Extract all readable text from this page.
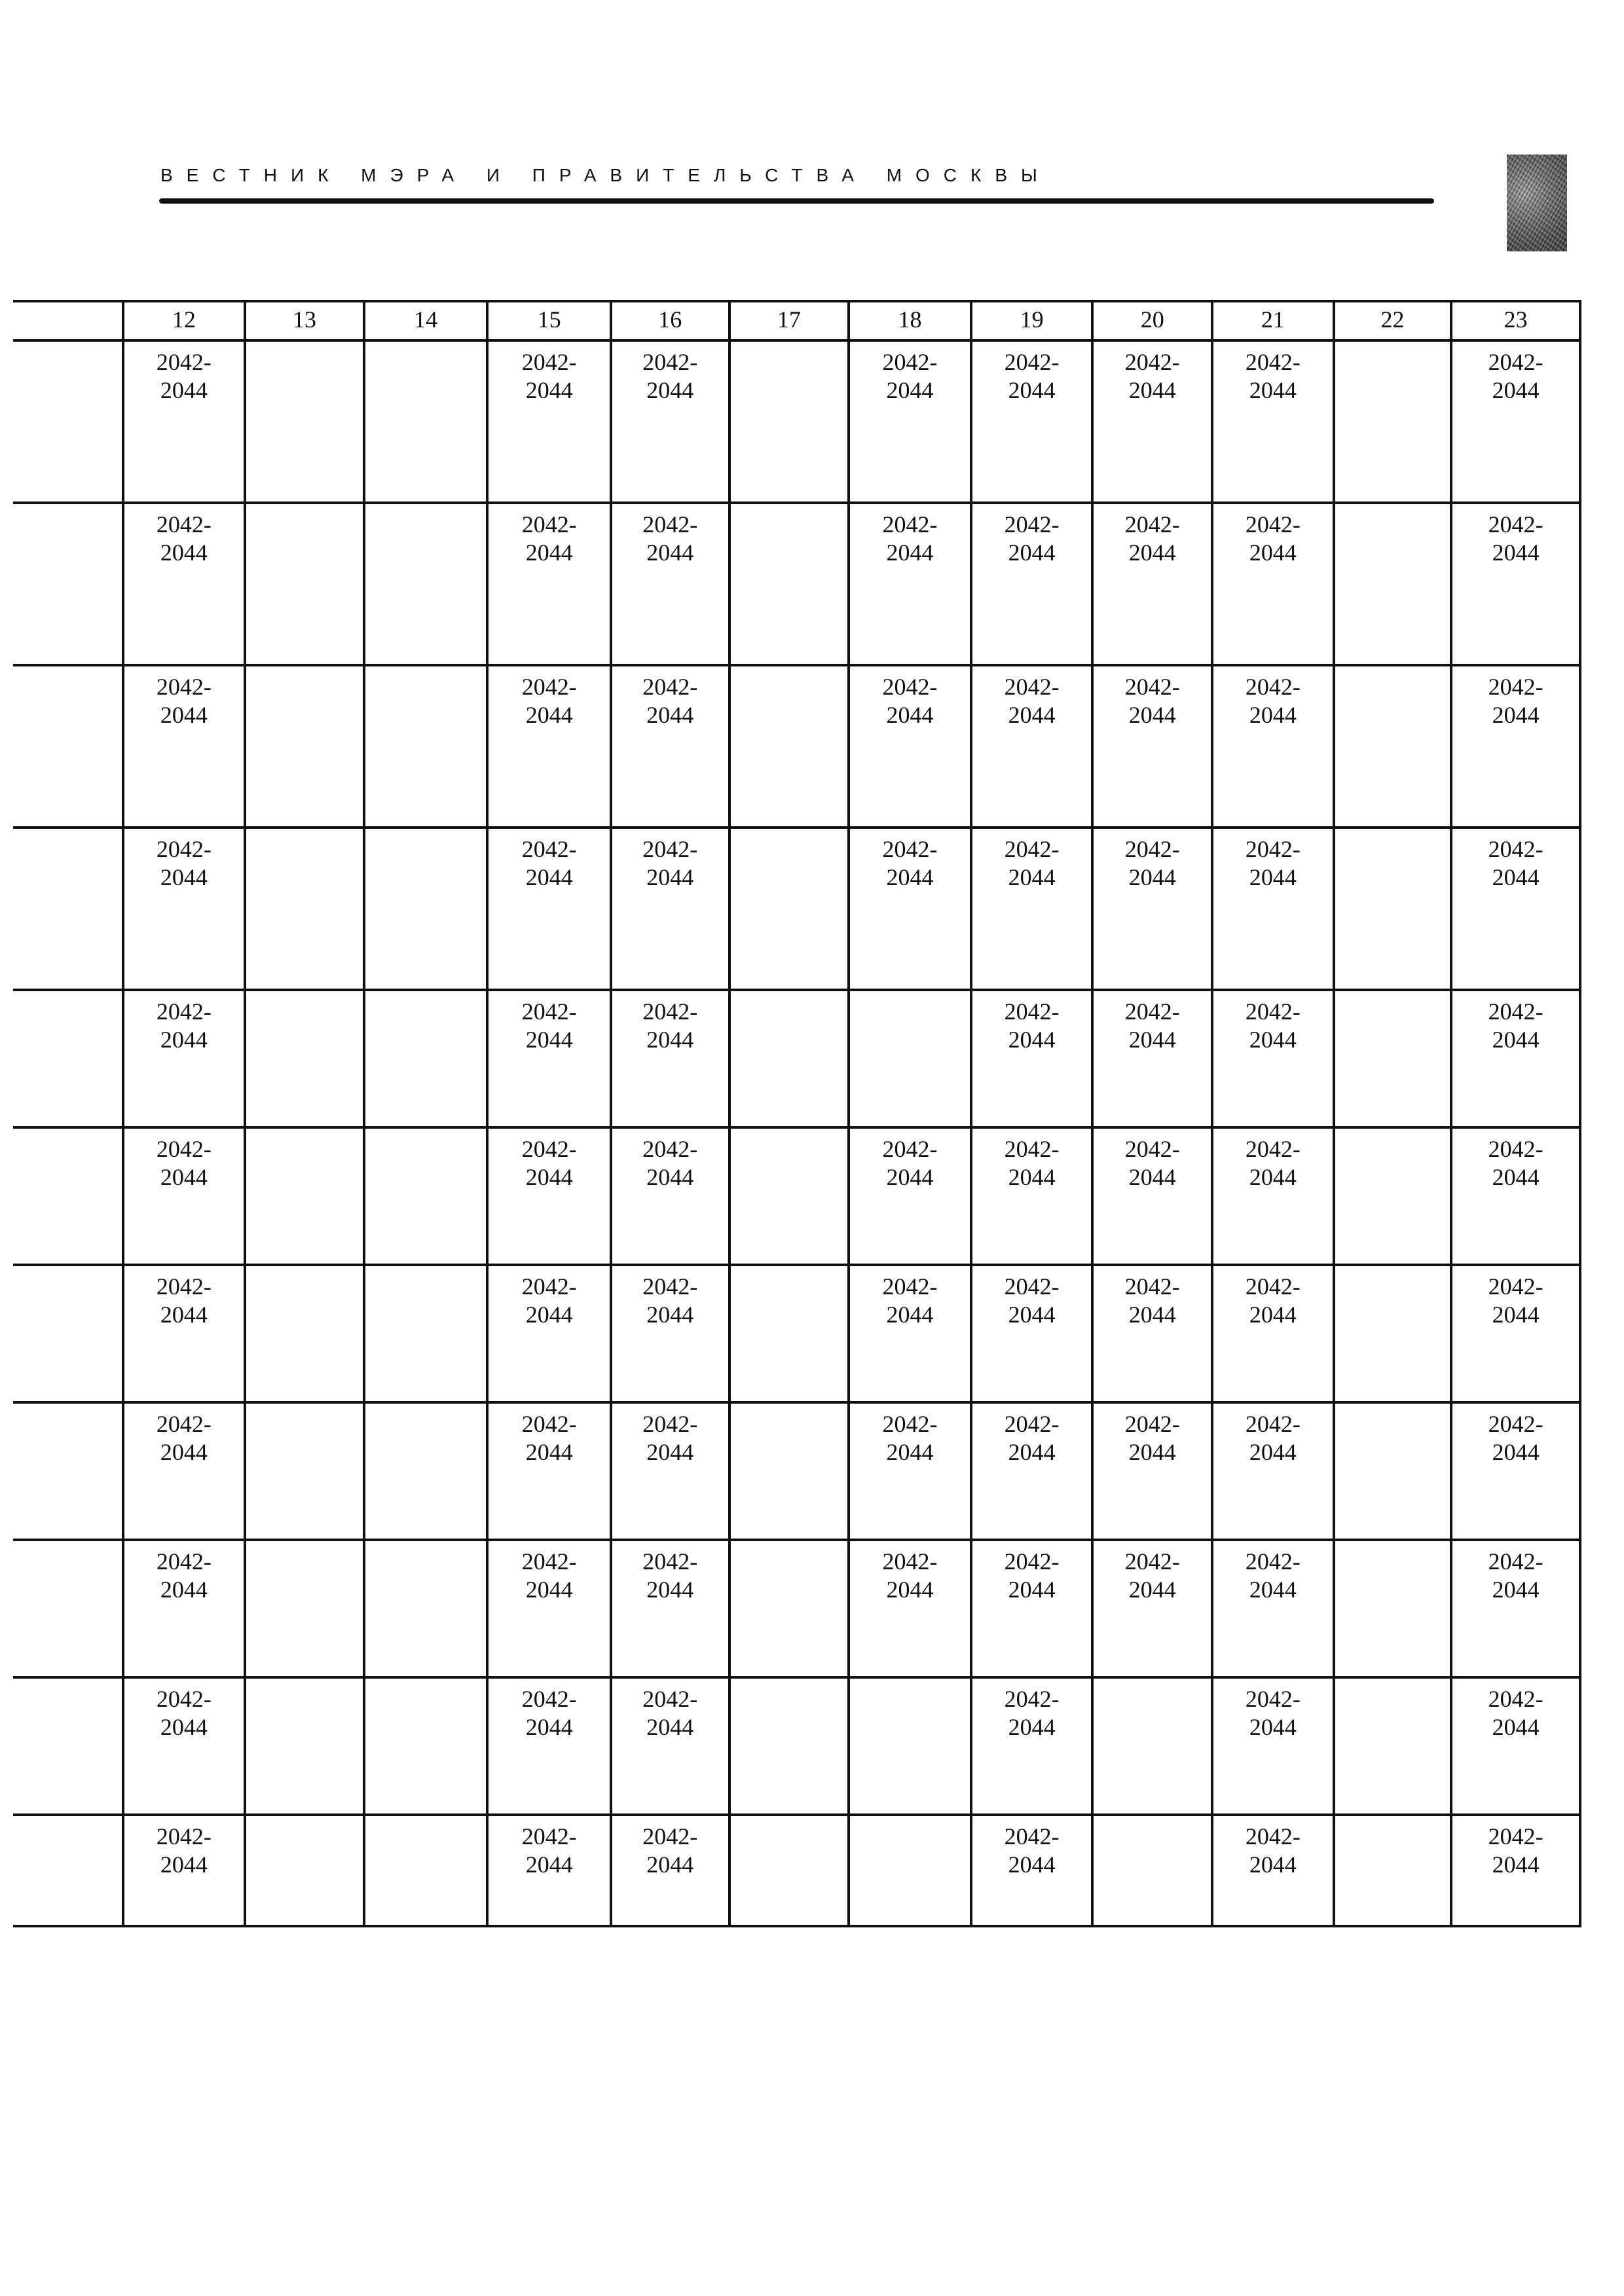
ВЕСТНИК МЭРА И ПРАВИТЕЛЬСТВА МОСКВЫ
	12	13	14	15	16	17	18	19	20	21	22	23

	2042-
2044			2042-
2044	2042-
2044		2042-
2044	2042-
2044	2042-
2044	2042-
2044		2042-
2044

	2042-
2044			2042-
2044	2042-
2044		2042-
2044	2042-
2044	2042-
2044	2042-
2044		2042-
2044

	2042-
2044			2042-
2044	2042-
2044		2042-
2044	2042-
2044	2042-
2044	2042-
2044		2042-
2044

	2042-
2044			2042-
2044	2042-
2044		2042-
2044	2042-
2044	2042-
2044	2042-
2044		2042-
2044

	2042-
2044			2042-
2044	2042-
2044			2042-
2044	2042-
2044	2042-
2044		2042-
2044

	2042-
2044			2042-
2044	2042-
2044		2042-
2044	2042-
2044	2042-
2044	2042-
2044		2042-
2044

	2042-
2044			2042-
2044	2042-
2044		2042-
2044	2042-
2044	2042-
2044	2042-
2044		2042-
2044

	2042-
2044			2042-
2044	2042-
2044		2042-
2044	2042-
2044	2042-
2044	2042-
2044		2042-
2044

	2042-
2044			2042-
2044	2042-
2044		2042-
2044	2042-
2044	2042-
2044	2042-
2044		2042-
2044

	2042-
2044			2042-
2044	2042-
2044			2042-
2044		2042-
2044		2042-
2044

	2042-
2044			2042-
2044	2042-
2044			2042-
2044		2042-
2044		2042-
2044
